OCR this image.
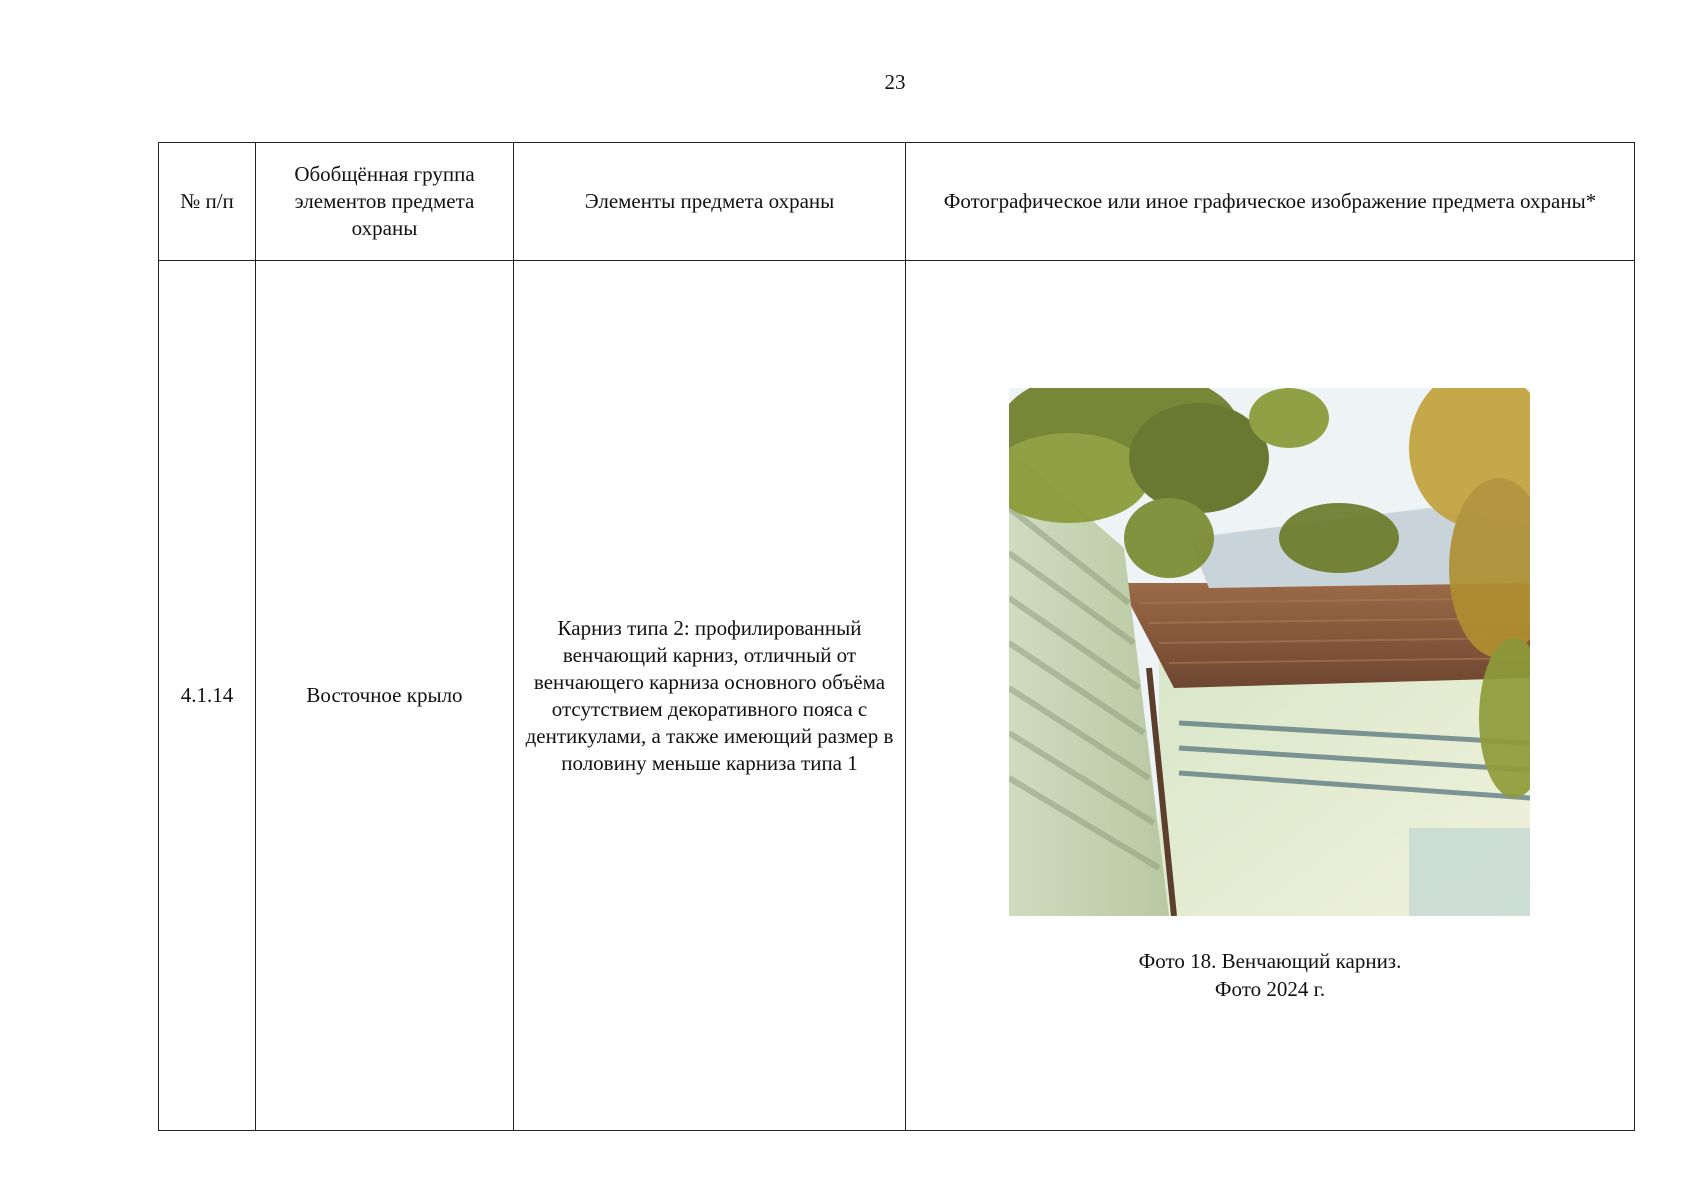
23
№ п/п	Обобщённая группа элементов предмета охраны	Элементы предмета охраны	Фотографическое или иное графическое изображение предмета охраны*
4.1.14	Восточное крыло	Карниз типа 2: профилированный венчающий карниз, отличный от венчающего карниза основного объёма отсутствием декоративного пояса с дентикулами, а также имеющий размер в половину меньше карниза типа 1	Фото 18. Венчающий карниз.
Фото 2024 г.
